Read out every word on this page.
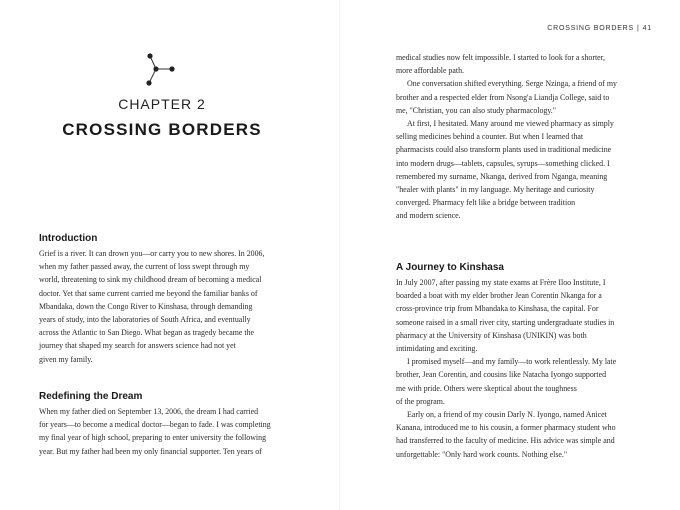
CHAPTER 2
CROSSING BORDERS
Introduction
Grief is a river. It can drown you—or carry you to new shores. In 2006,
when my father passed away, the current of loss swept through my
world, threatening to sink my childhood dream of becoming a medical
doctor. Yet that same current carried me beyond the familiar banks of
Mbandaka, down the Congo River to Kinshasa, through demanding
years of study, into the laboratories of South Africa, and eventually
across the Atlantic to San Diego. What began as tragedy became the
journey that shaped my search for answers science had not yet
given my family.
Redefining the Dream
When my father died on September 13, 2006, the dream I had carried
for years—to become a medical doctor—began to fade. I was completing
my final year of high school, preparing to enter university the following
year. But my father had been my only financial supporter. Ten years of
CROSSING BORDERS | 41
medical studies now felt impossible. I started to look for a shorter,
more affordable path.
One conversation shifted everything. Serge Nzinga, a friend of my
brother and a respected elder from Nsong'a Liandja College, said to
me, "Christian, you can also study pharmacology."
At first, I hesitated. Many around me viewed pharmacy as simply
selling medicines behind a counter. But when I learned that
pharmacists could also transform plants used in traditional medicine
into modern drugs—tablets, capsules, syrups—something clicked. I
remembered my surname, Nkanga, derived from Nganga, meaning
"healer with plants" in my language. My heritage and curiosity
converged. Pharmacy felt like a bridge between tradition
and modern science.
A Journey to Kinshasa
In July 2007, after passing my state exams at Frère Iloo Institute, I
boarded a boat with my elder brother Jean Corentin Nkanga for a
cross-province trip from Mbandaka to Kinshasa, the capital. For
someone raised in a small river city, starting undergraduate studies in
pharmacy at the University of Kinshasa (UNIKIN) was both
intimidating and exciting.
I promised myself—and my family—to work relentlessly. My late
brother, Jean Corentin, and cousins like Natacha Iyongo supported
me with pride. Others were skeptical about the toughness
of the program.
Early on, a friend of my cousin Darly N. Iyongo, named Anicet
Kanana, introduced me to his cousin, a former pharmacy student who
had transferred to the faculty of medicine. His advice was simple and
unforgettable: "Only hard work counts. Nothing else."
